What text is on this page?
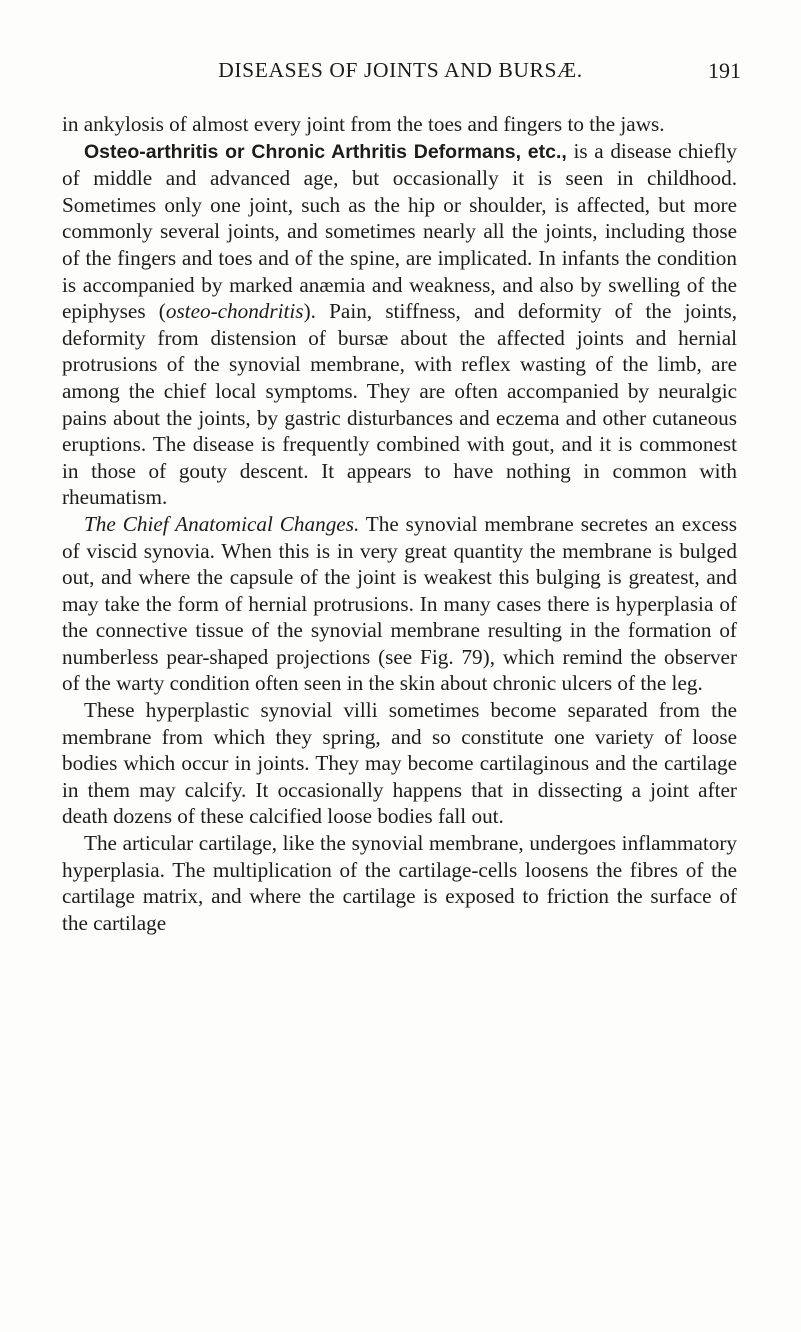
DISEASES OF JOINTS AND BURSÆ.	191

in ankylosis of almost every joint from the toes and fingers to the jaws.

Osteo-arthritis or Chronic Arthritis Deformans, etc., is a disease chiefly of middle and advanced age, but occasionally it is seen in childhood. Sometimes only one joint, such as the hip or shoulder, is affected, but more commonly several joints, and sometimes nearly all the joints, including those of the fingers and toes and of the spine, are implicated. In infants the condition is accompanied by marked anæmia and weakness, and also by swelling of the epiphyses (osteo-chondritis). Pain, stiffness, and deformity of the joints, deformity from distension of bursæ about the affected joints and hernial protrusions of the synovial membrane, with reflex wasting of the limb, are among the chief local symptoms. They are often accompanied by neuralgic pains about the joints, by gastric disturbances and eczema and other cutaneous eruptions. The disease is frequently combined with gout, and it is commonest in those of gouty descent. It appears to have nothing in common with rheumatism.

The Chief Anatomical Changes. The synovial membrane secretes an excess of viscid synovia. When this is in very great quantity the membrane is bulged out, and where the capsule of the joint is weakest this bulging is greatest, and may take the form of hernial protrusions. In many cases there is hyperplasia of the connective tissue of the synovial membrane resulting in the formation of numberless pear-shaped projections (see Fig. 79), which remind the observer of the warty condition often seen in the skin about chronic ulcers of the leg.

These hyperplastic synovial villi sometimes become separated from the membrane from which they spring, and so constitute one variety of loose bodies which occur in joints. They may become cartilaginous and the cartilage in them may calcify. It occasionally happens that in dissecting a joint after death dozens of these calcified loose bodies fall out.

The articular cartilage, like the synovial membrane, undergoes inflammatory hyperplasia. The multiplication of the cartilage-cells loosens the fibres of the cartilage matrix, and where the cartilage is exposed to friction the surface of the cartilage
